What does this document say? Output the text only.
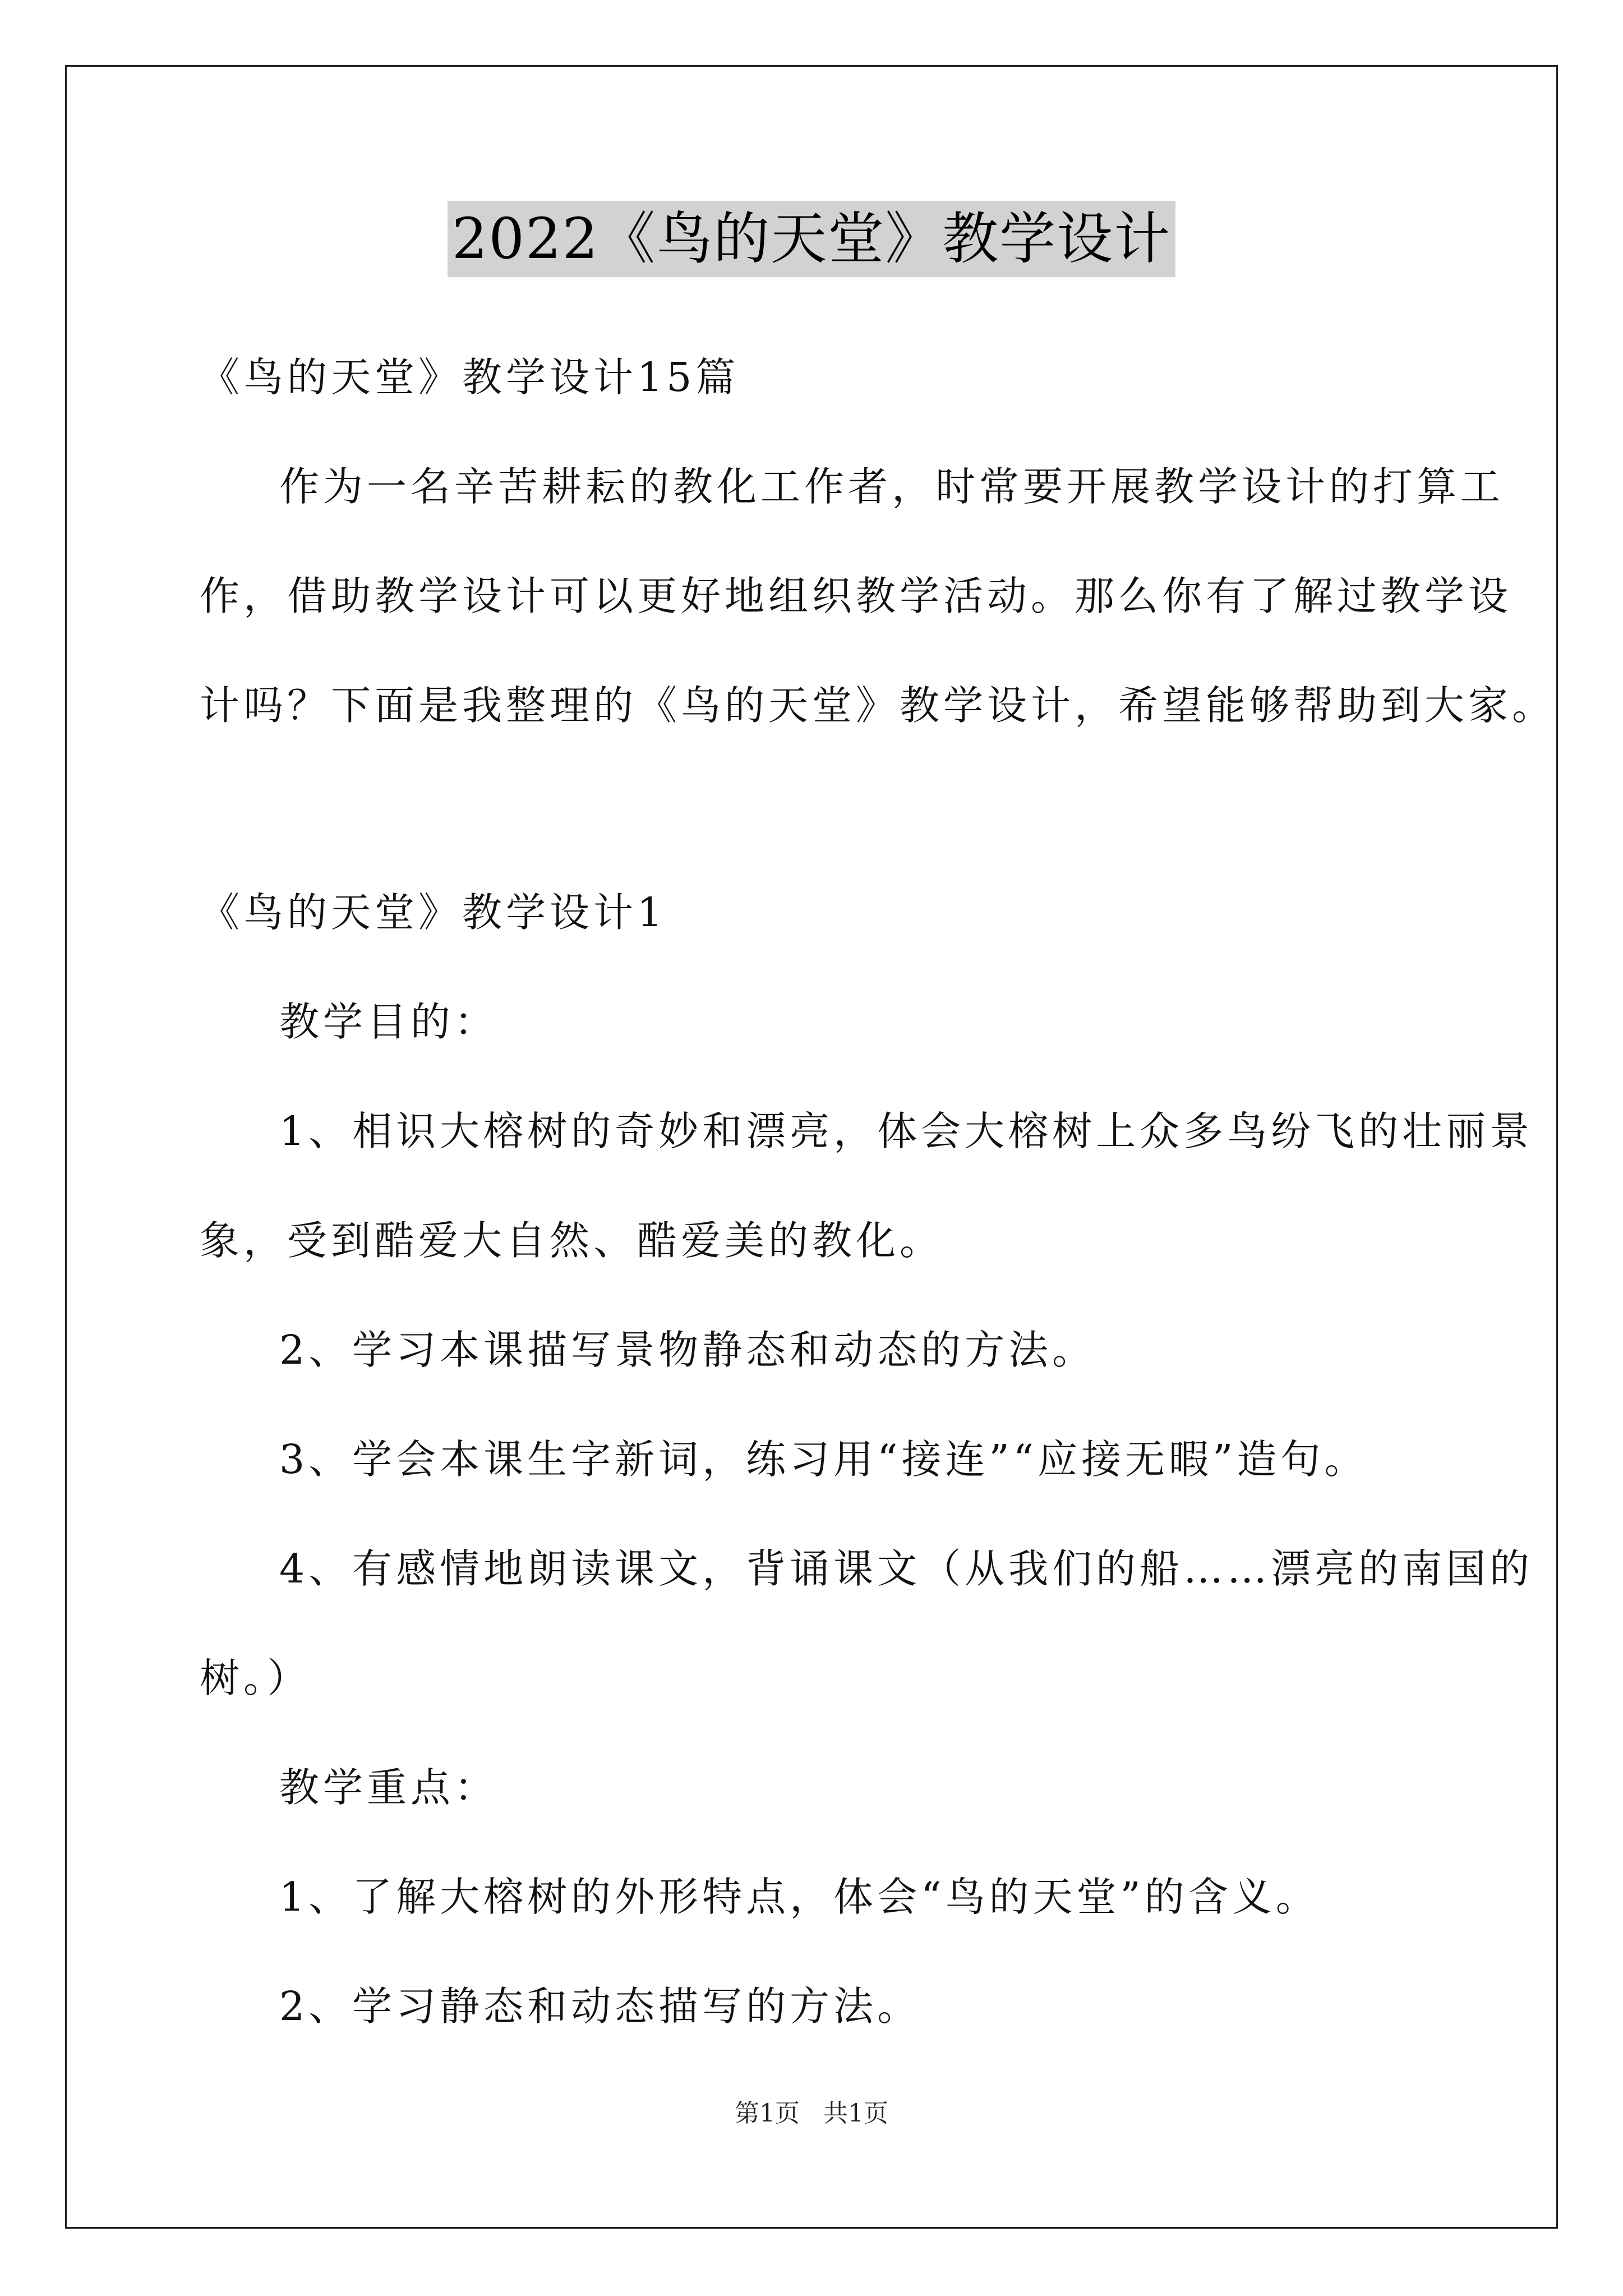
2022《鸟的天堂》教学设计
《鸟的天堂》教学设计15篇
作为一名辛苦耕耘的教化工作者，时常要开展教学设计的打算工
作，借助教学设计可以更好地组织教学活动。那么你有了解过教学设
计吗？下面是我整理的《鸟的天堂》教学设计，希望能够帮助到大家。
《鸟的天堂》教学设计1
教学目的：
1、相识大榕树的奇妙和漂亮，体会大榕树上众多鸟纷飞的壮丽景
象，受到酷爱大自然、酷爱美的教化。
2、学习本课描写景物静态和动态的方法。
3、学会本课生字新词，练习用“接连”“应接无暇”造句。
4、有感情地朗读课文，背诵课文（从我们的船……漂亮的南国的
树。）
教学重点：
1、了解大榕树的外形特点，体会“鸟的天堂”的含义。
2、学习静态和动态描写的方法。
第1页   共1页
